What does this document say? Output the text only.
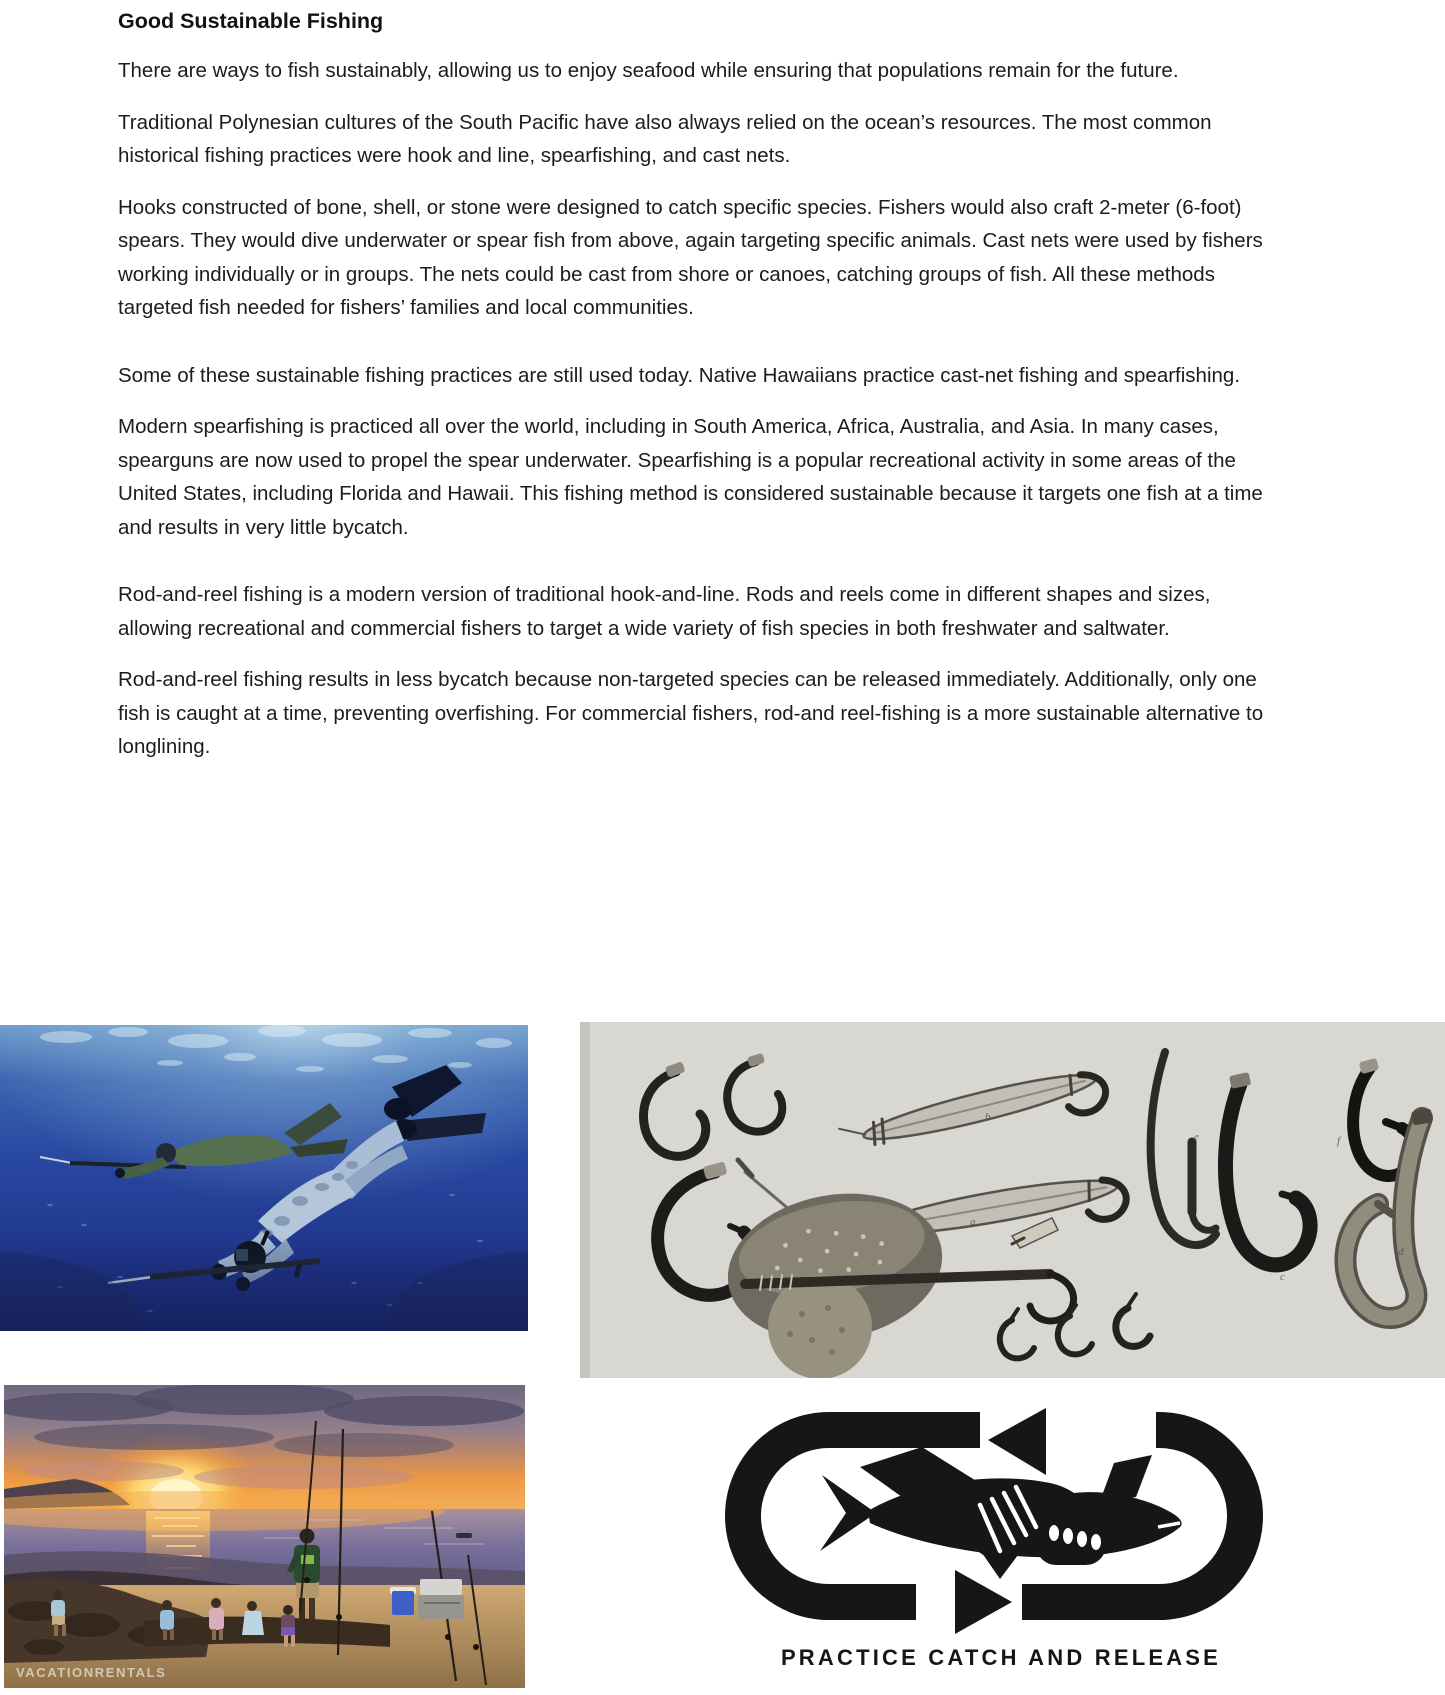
Good Sustainable Fishing

There are ways to fish sustainably, allowing us to enjoy seafood while ensuring that populations remain for the future.

Traditional Polynesian cultures of the South Pacific have also always relied on the ocean’s resources. The most common historical fishing practices were hook and line, spearfishing, and cast nets.

Hooks constructed of bone, shell, or stone were designed to catch specific species. Fishers would also craft 2-meter (6-foot) spears. They would dive underwater or spear fish from above, again targeting specific animals. Cast nets were used by fishers working individually or in groups. The nets could be cast from shore or canoes, catching groups of fish. All these methods targeted fish needed for fishers’ families and local communities.

Some of these sustainable fishing practices are still used today. Native Hawaiians practice cast-net fishing and spearfishing.

Modern spearfishing is practiced all over the world, including in South America, Africa, Australia, and Asia. In many cases, spearguns are now used to propel the spear underwater. Spearfishing is a popular recreational activity in some areas of the United States, including Florida and Hawaii. This fishing method is considered sustainable because it targets one fish at a time and results in very little bycatch.

Rod-and-reel fishing is a modern version of traditional hook-and-line. Rods and reels come in different shapes and sizes, allowing recreational and commercial fishers to target a wide variety of fish species in both freshwater and saltwater.

Rod-and-reel fishing results in less bycatch because non-targeted species can be released immediately. Additionally, only one fish is caught at a time, preventing overfishing. For commercial fishers, rod-and reel-fishing is a more sustainable alternative to longlining.

a
b
c
d
e	f
VACATIONRENTALS
PRACTICE CATCH AND RELEASE
